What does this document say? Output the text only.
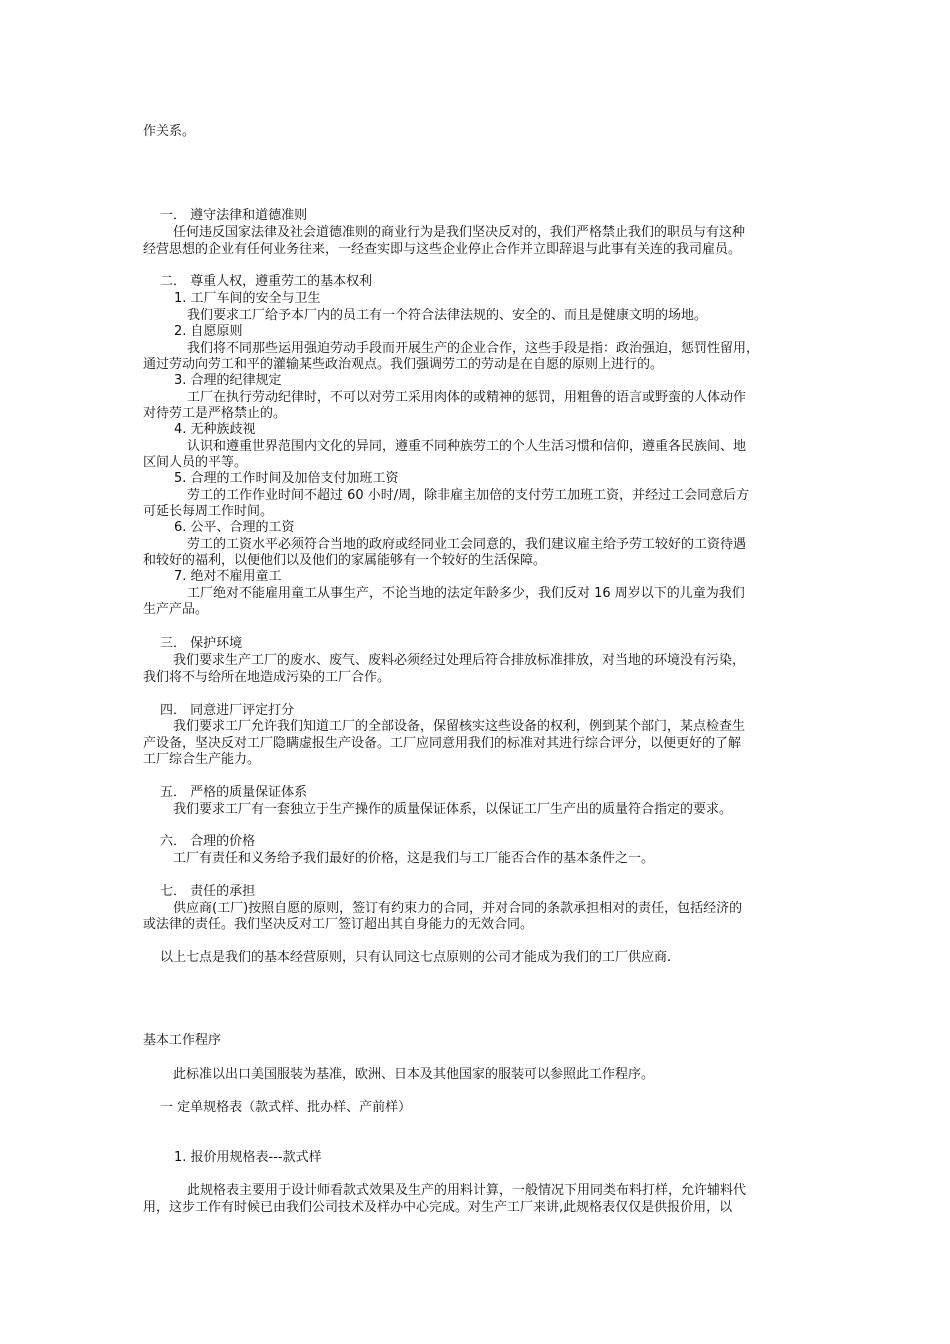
作关系。
一． 遵守法律和道德准则
任何违反国家法律及社会道德准则的商业行为是我们坚决反对的，我们严格禁止我们的职员与有这种
经营思想的企业有任何业务往来，一经查实即与这些企业停止合作并立即辞退与此事有关连的我司雇员。
二． 尊重人权，遵重劳工的基本权利
1. 工厂车间的安全与卫生
我们要求工厂给予本厂内的员工有一个符合法律法规的、安全的、而且是健康文明的场地。
2. 自愿原则
我们将不同那些运用强迫劳动手段而开展生产的企业合作，这些手段是指：政治强迫，惩罚性留用，
通过劳动向劳工和平的灌输某些政治观点。我们强调劳工的劳动是在自愿的原则上进行的。
3. 合理的纪律规定
工厂在执行劳动纪律时，不可以对劳工采用肉体的或精神的惩罚，用粗鲁的语言或野蛮的人体动作
对待劳工是严格禁止的。
4. 无种族歧视
认识和遵重世界范围内文化的异同，遵重不同种族劳工的个人生活习惯和信仰，遵重各民族间、地
区间人员的平等。
5. 合理的工作时间及加倍支付加班工资
劳工的工作作业时间不超过 60 小时/周，除非雇主加倍的支付劳工加班工资，并经过工会同意后方
可延长每周工作时间。
6. 公平、合理的工资
劳工的工资水平必须符合当地的政府或经同业工会同意的，我们建议雇主给予劳工较好的工资待遇
和较好的福利，以便他们以及他们的家属能够有一个较好的生活保障。
7. 绝对不雇用童工
工厂绝对不能雇用童工从事生产，不论当地的法定年龄多少，我们反对 16 周岁以下的儿童为我们
生产产品。
三． 保护环境
我们要求生产工厂的废水、废气、废料必须经过处理后符合排放标准排放，对当地的环境没有污染，
我们将不与给所在地造成污染的工厂合作。
四． 同意进厂评定打分
我们要求工厂允许我们知道工厂的全部设备，保留核实这些设备的权利，例到某个部门，某点检查生
产设备，坚决反对工厂隐瞒虚报生产设备。工厂应同意用我们的标准对其进行综合评分，以便更好的了解
工厂综合生产能力。
五． 严格的质量保证体系
我们要求工厂有一套独立于生产操作的质量保证体系，以保证工厂生产出的质量符合指定的要求。
六． 合理的价格
工厂有责任和义务给予我们最好的价格，这是我们与工厂能否合作的基本条件之一。
七． 责任的承担
供应商(工厂)按照自愿的原则，签订有约束力的合同，并对合同的条款承担相对的责任，包括经济的
或法律的责任。我们坚决反对工厂签订超出其自身能力的无效合同。
以上七点是我们的基本经营原则，只有认同这七点原则的公司才能成为我们的工厂供应商.
基本工作程序
此标准以出口美国服装为基准，欧洲、日本及其他国家的服装可以参照此工作程序。
一 定单规格表（款式样、批办样、产前样）
1. 报价用规格表---款式样
此规格表主要用于设计师看款式效果及生产的用料计算，一般情况下用同类布料打样，允许辅料代
用，这步工作有时候已由我们公司技术及样办中心完成。对生产工厂来讲,此规格表仅仅是供报价用，以
